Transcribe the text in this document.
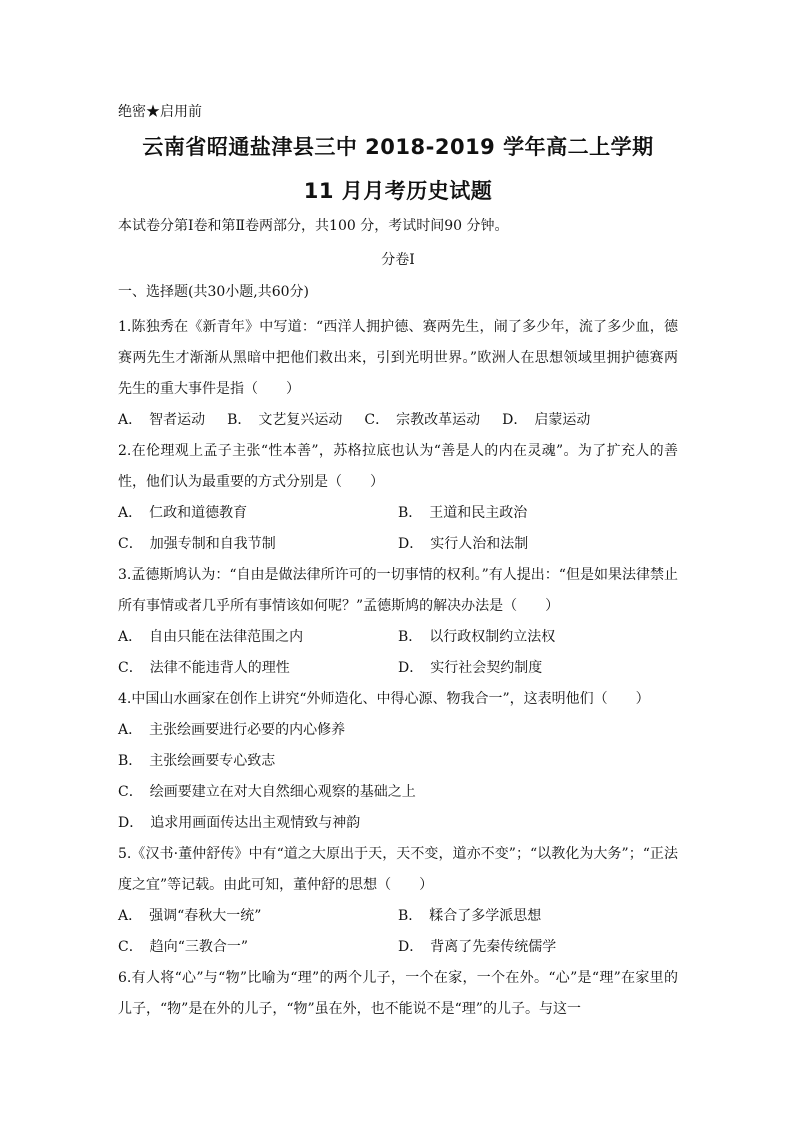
绝密★启用前
云南省昭通盐津县三中 2018-2019 学年高二上学期
11 月月考历史试题
本试卷分第Ⅰ卷和第Ⅱ卷两部分，共100 分，考试时间90 分钟。
分卷I
一、选择题(共30小题,共60分)
1.陈独秀在《新青年》中写道：“西洋人拥护德、赛两先生，闹了多少年，流了多少血，德赛两先生才渐渐从黑暗中把他们救出来，引到光明世界。”欧洲人在思想领域里拥护德赛两先生的重大事件是指（　　）
A．　智者运动 B．　文艺复兴运动 C．　宗教改革运动 D．　启蒙运动
2.在伦理观上孟子主张“性本善”，苏格拉底也认为“善是人的内在灵魂”。为了扩充人的善性，他们认为最重要的方式分别是（　　）
A．　仁政和道德教育	B．　王道和民主政治
C．　加强专制和自我节制	D．　实行人治和法制
3.孟德斯鸠认为：“自由是做法律所许可的一切事情的权利。”有人提出：“但是如果法律禁止所有事情或者几乎所有事情该如何呢？”孟德斯鸠的解决办法是（　　）
A．　自由只能在法律范围之内	B．　以行政权制约立法权
C．　法律不能违背人的理性	D．　实行社会契约制度
4.中国山水画家在创作上讲究“外师造化、中得心源、物我合一”，这表明他们（　　）
A．　主张绘画要进行必要的内心修养
B．　主张绘画要专心致志
C．　绘画要建立在对大自然细心观察的基础之上
D．　追求用画面传达出主观情致与神韵
5.《汉书·董仲舒传》中有“道之大原出于天，天不变，道亦不变”；“以教化为大务”；“正法度之宜”等记载。由此可知，董仲舒的思想（　　）
A．　强调“春秋大一统”	B．　糅合了多学派思想
C．　趋向“三教合一”	D．　背离了先秦传统儒学
6.有人将“心”与“物”比喻为“理”的两个儿子，一个在家，一个在外。“心”是“理”在家里的儿子，“物”是在外的儿子，“物”虽在外，也不能说不是“理”的儿子。与这一
